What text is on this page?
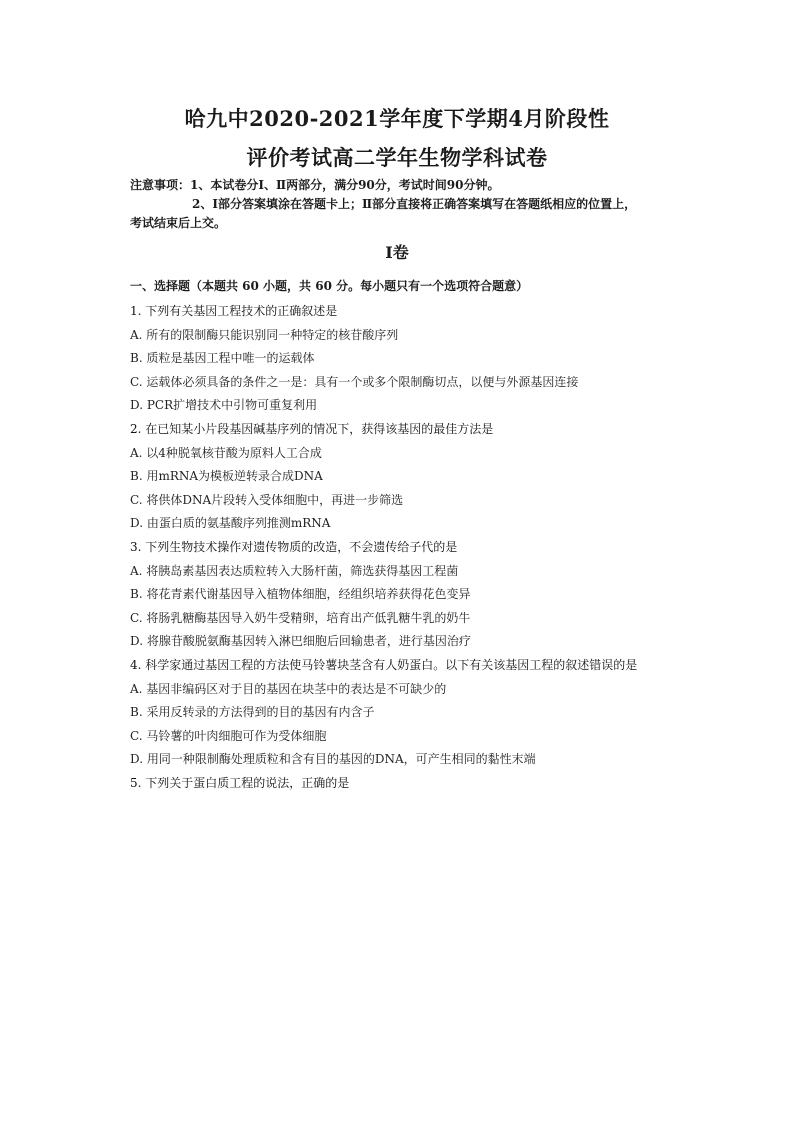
哈九中2020-2021学年度下学期4月阶段性
评价考试高二学年生物学科试卷
注意事项：1、本试卷分Ⅰ、Ⅱ两部分，满分90分，考试时间90分钟。
2、Ⅰ部分答案填涂在答题卡上；Ⅱ部分直接将正确答案填写在答题纸相应的位置上，
考试结束后上交。
Ⅰ卷
一、选择题（本题共 60 小题，共 60 分。每小题只有一个选项符合题意）
1. 下列有关基因工程技术的正确叙述是
A. 所有的限制酶只能识别同一种特定的核苷酸序列
B. 质粒是基因工程中唯一的运载体
C. 运载体必须具备的条件之一是：具有一个或多个限制酶切点，以便与外源基因连接
D. PCR扩增技术中引物可重复利用
2. 在已知某小片段基因碱基序列的情况下，获得该基因的最佳方法是
A. 以4种脱氧核苷酸为原料人工合成
B. 用mRNA为模板逆转录合成DNA
C. 将供体DNA片段转入受体细胞中，再进一步筛选
D. 由蛋白质的氨基酸序列推测mRNA
3. 下列生物技术操作对遗传物质的改造，不会遗传给子代的是
A. 将胰岛素基因表达质粒转入大肠杆菌，筛选获得基因工程菌
B. 将花青素代谢基因导入植物体细胞，经组织培养获得花色变异
C. 将肠乳糖酶基因导入奶牛受精卵，培育出产低乳糖牛乳的奶牛
D. 将腺苷酸脱氨酶基因转入淋巴细胞后回输患者，进行基因治疗
4. 科学家通过基因工程的方法使马铃薯块茎含有人奶蛋白。以下有关该基因工程的叙述错误的是
A. 基因非编码区对于目的基因在块茎中的表达是不可缺少的
B. 采用反转录的方法得到的目的基因有内含子
C. 马铃薯的叶肉细胞可作为受体细胞
D. 用同一种限制酶处理质粒和含有目的基因的DNA，可产生相同的黏性末端
5. 下列关于蛋白质工程的说法，正确的是
